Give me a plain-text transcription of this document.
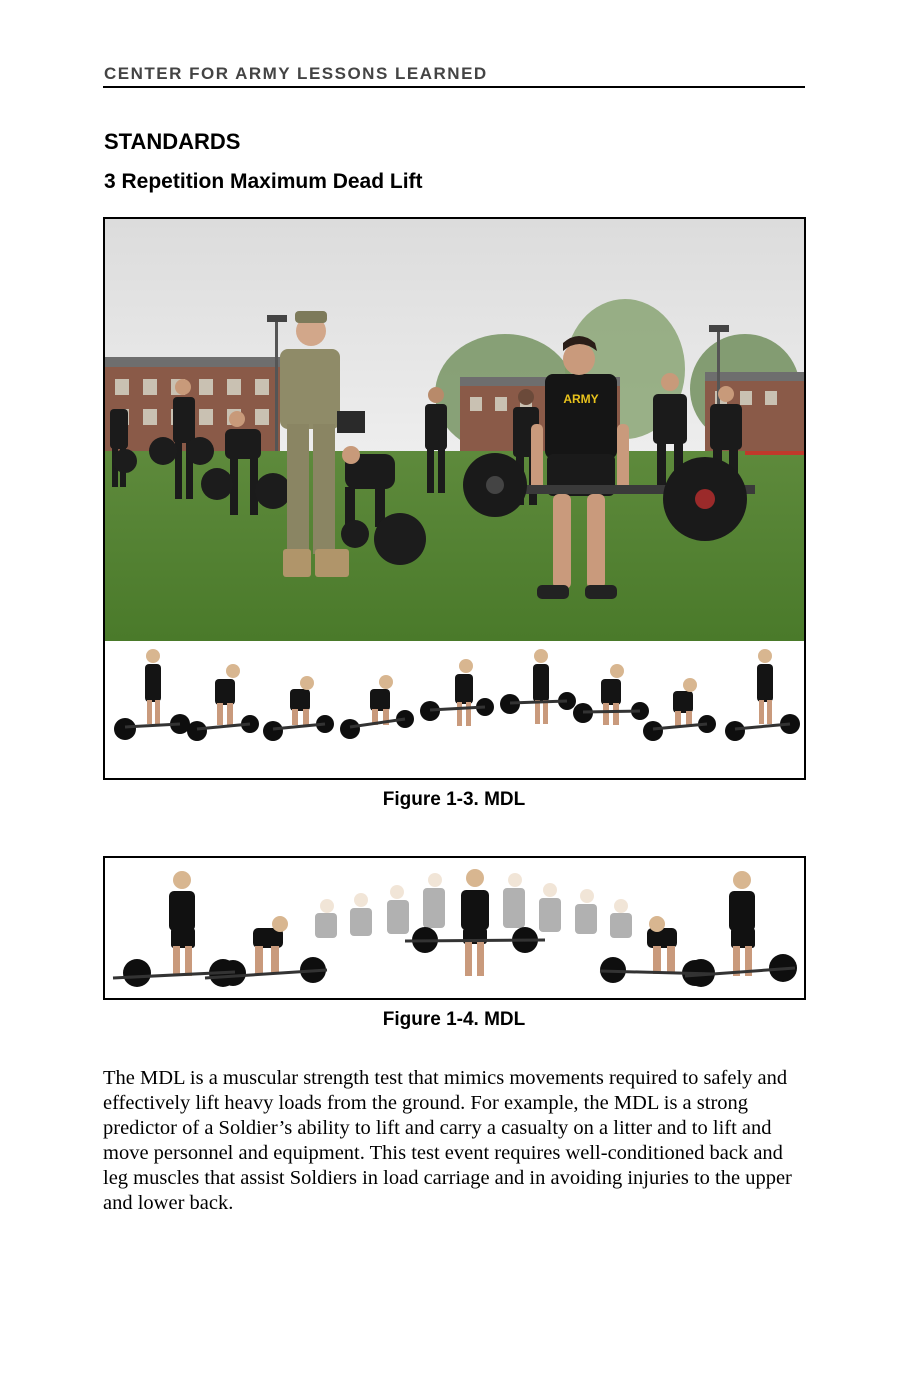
CENTER FOR ARMY LESSONS LEARNED
STANDARDS
3 Repetition Maximum Dead Lift
ARMY
Figure 1-3. MDL
Figure 1-4. MDL
The MDL is a muscular strength test that mimics movements required to safely and effectively lift heavy loads from the ground. For example, the MDL is a strong predictor of a Soldier’s ability to lift and carry a casualty on a litter and to lift and move personnel and equipment. This test event requires well-conditioned back and leg muscles that assist Soldiers in load carriage and in avoiding injuries to the upper and lower back.
